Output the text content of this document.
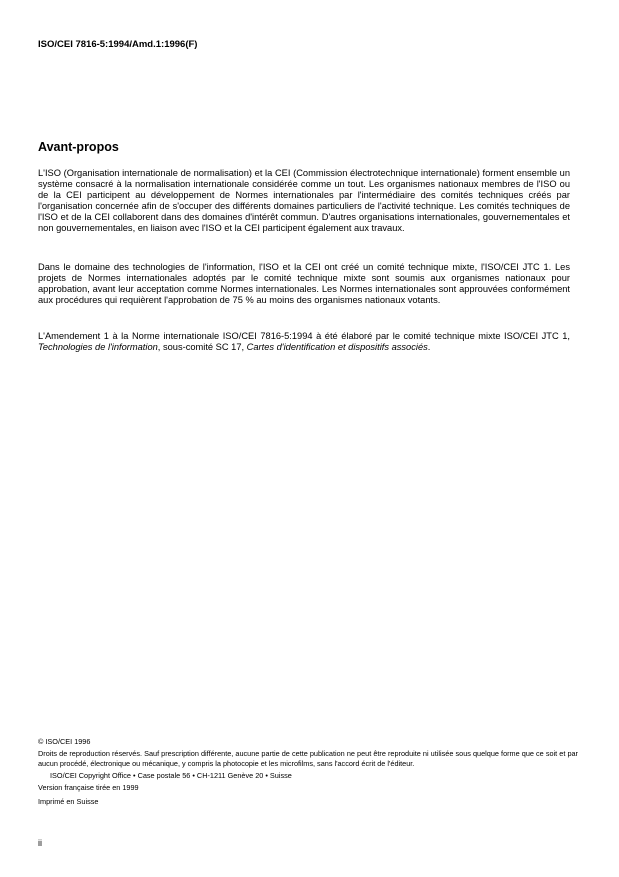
ISO/CEI 7816-5:1994/Amd.1:1996(F)
Avant-propos

L'ISO (Organisation internationale de normalisation) et la CEI (Commission électrotechnique internationale) forment ensemble un système consacré à la normalisation internationale considérée comme un tout. Les organismes nationaux membres de l'ISO ou de la CEI participent au développement de Normes internationales par l'intermédiaire des comités techniques créés par l'organisation concernée afin de s'occuper des différents domaines particuliers de l'activité technique. Les comités techniques de l'ISO et de la CEI collaborent dans des domaines d'intérêt commun. D'autres organisations internationales, gouvernementales et non gouvernementales, en liaison avec l'ISO et la CEI participent également aux travaux.

Dans le domaine des technologies de l'information, l'ISO et la CEI ont créé un comité technique mixte, l'ISO/CEI JTC 1. Les projets de Normes internationales adoptés par le comité technique mixte sont soumis aux organismes nationaux pour approbation, avant leur acceptation comme Normes internationales. Les Normes internationales sont approuvées conformément aux procédures qui requièrent l'approbation de 75 % au moins des organismes nationaux votants.

L'Amendement 1 à la Norme internationale ISO/CEI 7816-5:1994 à été élaboré par le comité technique mixte ISO/CEI JTC 1, Technologies de l'information, sous-comité SC 17, Cartes d'identification et dispositifs associés.

© ISO/CEI 1996
Droits de reproduction réservés. Sauf prescription différente, aucune partie de cette publication ne peut être reproduite ni utilisée sous quelque forme que ce soit et par aucun procédé, électronique ou mécanique, y compris la photocopie et les microfilms, sans l'accord écrit de l'éditeur.
ISO/CEI Copyright Office • Case postale 56 • CH-1211 Genève 20 • Suisse
Version française tirée en 1999
Imprimé en Suisse
ii
